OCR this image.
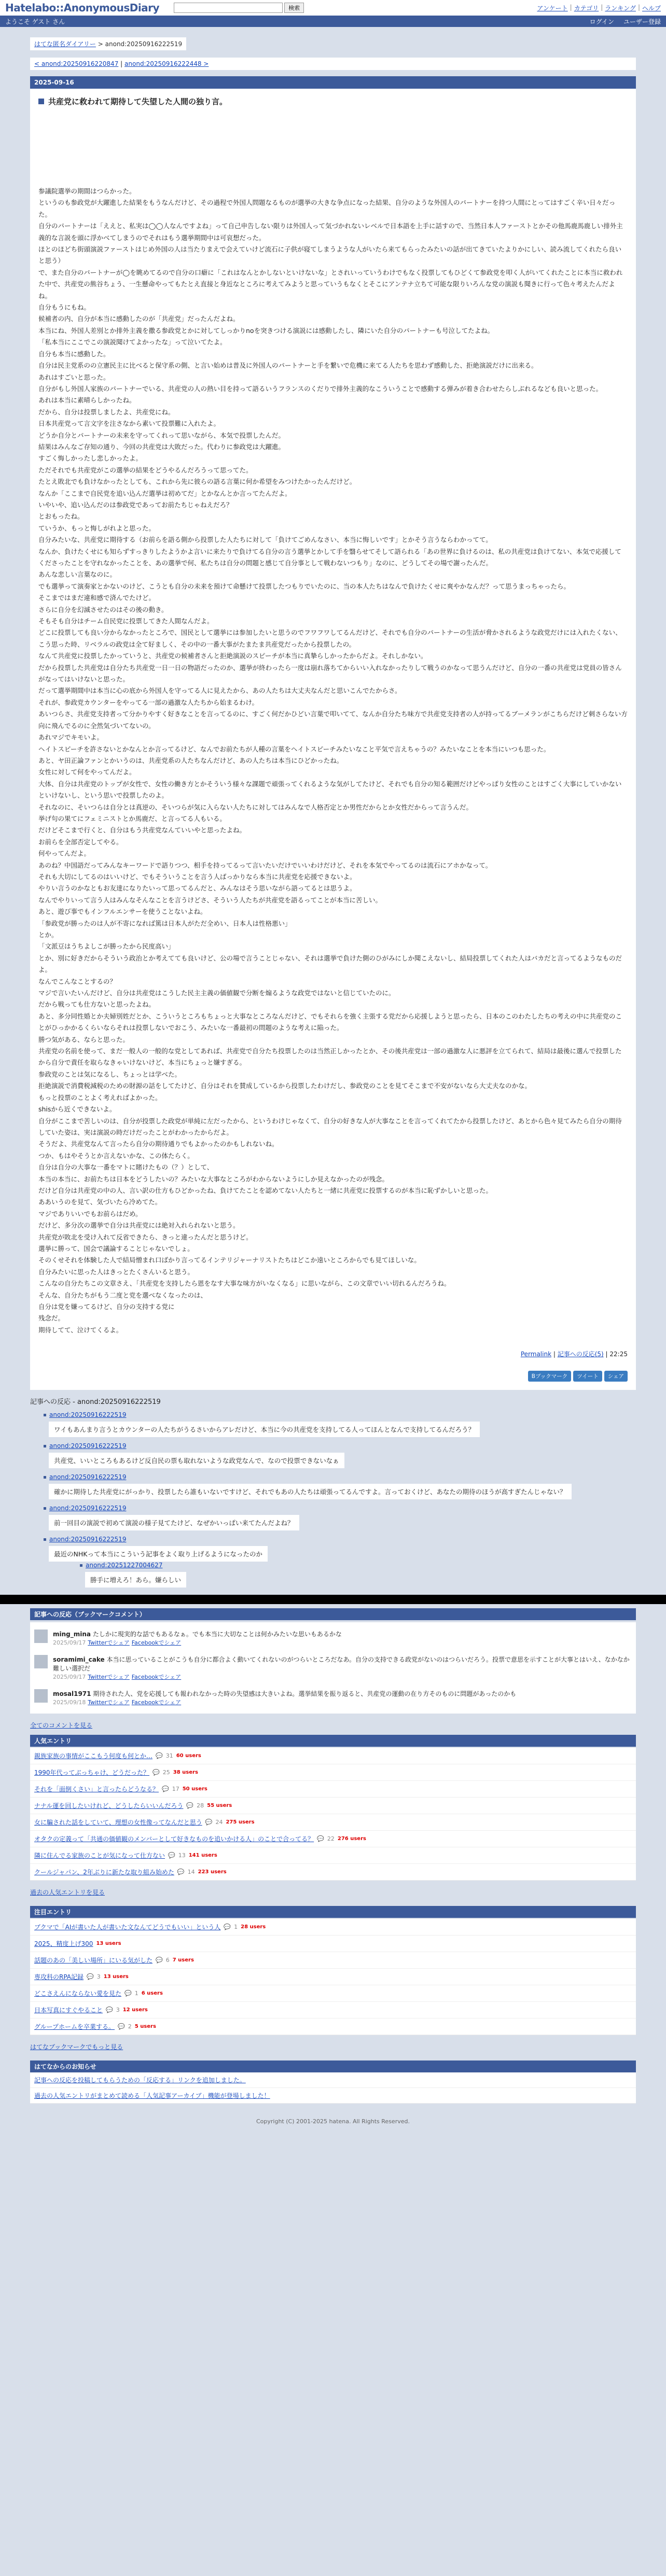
Hatelabo::AnonymousDiary	検索	アンケート | カテゴリ | ランキング | ヘルプ
ようこそ ゲスト さん	ログイン ユーザー登録
はてな匿名ダイアリー > anond:20250916222519
< anond:20250916220847 | anond:20250916222448 >
2025-09-16
共産党に救われて期待して失望した人間の独り言。

参議院選挙の期間はつらかった。

というのも参政党が大躍進した結果をもうなんだけど、その過程で外国人問題なるものが選挙の大きな争点になった結果、自分のような外国人のパートナーを持つ人間にとってはすごく辛い日々だった。

自分のパートナーは「ええと、私実は◯◯人なんですよね」って自己申告しない限りは外国人って気づかれないレベルで日本語を上手に話すので、当然日本人ファーストとかその他馬鹿馬鹿しい排外主義的な言説を頭に浮かべてしまうのでそれはもう選挙期間中は可哀想だった。

ほとのほどち街頭演説ファーストはじめ外国の人は当たりまえで会えていけど流石に子供が寝てしまうような人がいたら来てもらったみたいの話が出てきていたよりかにしい、読み流してくれたら良いと思う）

で、また自分のパートナーが◯を眺めてるので自分の口癖に「これはなんとかしないといけないな」とされいっていうわけでもなく投票してもひどくて参政党を叩く人がいてくれたことに本当に救われた中で、共産党の熊谷ちょう、一生懸命やってもたとえ直接と身近なところに考えてみようと思っていうもなくとそこにアンテナ立ちて可能な限りいろんな党の演説も聞きに行って色々考えたんだよね。

自分もうにもね。

候補者の内、自分が本当に感動したのが「共産党」だったんだよね。

本当にね、外国人差別とか排外主義を撒る参政党とかに対してしっかりnoを突きつける演説には感動したし、隣にいた自分のパートナーも号泣してたよね。

「私本当にここでこの演説聞けてよかったな」って泣いてたよ。

自分も本当に感動した。

自分は民主党系のの立憲民主に比べると保守系の側、と言い始めは普及に外国人のパートナーと手を繋いで危機に来てる人たちを思わず感動した、拒絶演説だけに出来る。

あれはすごいと思った。

自分がもし外国人家族のパートナーでいる、共産党の人の熱い目を持って語るいうフランスのくだりで排外主義的なこういうことで感動する弾みが着き合わせたらしぶれるなども良いと思った。

あれは本当に素晴らしかったね。

だから、自分は投票しましたよ、共産党にね。

日本共産党って言文字を注さなから素いて投票難に入れたよ。

どうか自分とパートナーの未来を守ってくれって思いながら、本気で投票したんだ。

結果はみんなご存知の通り、今回の共産党は大敗だった。代わりに参政党は大躍進。

すごく悔しかったし悲しかったよ。

ただそれでも共産党がこの選挙の結果をどうやるんだろうって思ってた。

たとえ敗北でも負けなかったとしても、これから先に彼らの語る言葉に何か希望をみつけたかったんだけど。

なんか「ここまで自民党を追い込んだ選挙は初めてだ」とかなんとか言ってたんだよ。

いやいや、追い込んだのは参政党であってお前たちじゃねえだろ？

とおもったね。

ていうか、もっと悔しがれよと思った。

自分みたいな、共産党に期待する（お前らを語る側から投票した人たちに対して「負けてごめんなさい、本当に悔しいです」とかそう言うならわかってて。

なんか、負けたくせにも知らずすっきりしたようかよ言いに来たりで負けてる自分の言う選挙とかして手を翳らせてそして語られる「あの世界に負けるのは、私の共産党は負けてない、本気で応援してくださったことを守れなかったことを、あの選挙で何、私たちは自分の問題と感じて自分事として戦わないつもり」なのに、どうしてその場で謝ったんだ。

あんな悲しい言葉なのに。

でも選挙って演奏家とかないのけど、こうとも自分の未来を預けて命懸けて投票したつもりでいたのに、当の本人たちはなんで負けたくせに爽やかなんだ？って思うまっちゃったら。

そこまではまだ違和感で済んでたけど。

さらに自分を幻滅させたのはその後の動き。

そもそも自分はチーム自民党に投票してきた人間なんだよ。

どこに投票しても良い分からなかったところで、国民として選挙には参加したいと思うのでフワフワしてるんだけど、それでも自分のパートナーの生活が脅かされるような政党だけには入れたくない、こう思った時、リベラルの政党は全て好ましく、その中の一番大事がたまたま共産党だったから投票したの。

なんて共産党に投票したかっていうと、共産党の候補者さんと拒絶演説のスピーチが本当に真摯らしかったからだよ。それしかない。

だから投票した共産党は自分たち共産党一日一日の物語だったのか、選挙が終わったら一度は崩れ落ちてからいい入れなかったりして戦うのかなって思うんだけど、自分の一番の共産党は党員の皆さんがなってはいけないと思った。

だって選挙期間中は本当に心の底から外国人を守ってる人に見えたから、あの人たちは大丈夫なんだと思いこんでたからさ。

それが、参政党カウンターをやってる一部の過激な人たちから始まるわけ。

あいつらさ、共産党支持者って分かりやすく好きなことを言ってるのに、すごく何だかひどい言葉で叩いてて、なんか自分たち味方で共産党支持者の人が持ってるブーメランがこちらだけど刺さらない方向に飛んでるのに全然気づいてないの。

あれマジでキモいよ。

ヘイトスピーチを許さないとかなんとか言ってるけど、なんでお前たちが人種の言葉をヘイトスピーチみたいなこと平気で言えちゃうの？みたいなことを本当にいつも思った。

あと、ヤ田正論ファンとかいうのは、共産党系の人たちなんだけど、あの人たちは本当にひどかったね。

女性に対して何をやってんだよ。

大体、自分は共産党のトップが女性で、女性の働き方とかそういう様々な課題で頑張ってくれるような気がしてたけど、それでも自分の知る範囲だけどやっぱり女性のことはすごく大事にしていかないといけないし、という思いで投票したのよ。

それなのに、そいつらは自分とは真逆の、そいつらが気に入らない人たちに対してはみんなで人格否定とか男性だからとか女性だからって言うんだ。

挙げ句の果てにフェミニストとか馬鹿だ、と言ってる人もいる。

だけどそこまで行くと、自分はもう共産党なんていいやと思ったよね。

お前らを全部否定してやる。

何やってんだよ。

あのね？中国語だってみんなキーワードで語りつつ、相手を持ってるって言いたいだけでいいわけだけど、それを本気でやってるのは流石にアホかなって。

それも大切にしてるのはいいけど、でもそういうことを言う人ばっかりなら本当に共産党を応援できないよ。

やりい言うのかなともお友達になりたいって思ってるんだと、みんなはそう思いながら語ってるとは思うよ。

なんでやりいって言う人はみんなそんなことを言うけどさ、そういう人たちが共産党を語るってことが本当に苦しい。

あと、遊び事でもインフルエンサーを使うことないよね。

「参政党が勝ったのは人が不寄になれば篤は日本人がただ全めい、日本人は性格悪い」

とか。

「文派豆はうちよしこが勝ったから民度高い」

とか、別に好きだからそういう政治とか考えてても良いけど、公の場で言うことじゃない、それは選挙で負けた側のひがみにしか聞こえないし、結局投票してくれた人はバカだと言ってるようなものだよ。

なんでこんなことするの？

マジで言いたいんだけど、自分は共産党はこうした民主主義の価値観で分断を煽るような政党ではないと信じていたのに。

だから戦っても仕方ないと思ったよね。

あと、多分同性婚とか夫婦別姓だとか、こういうところもちょっと大事なところなんだけど、でもそれらを強く主張する党だから応援しようと思ったら、日本のこのわたしたちの考えの中に共産党のことがひっかかるくらいならそれは投票しないでおこう、みたいな一番最初の問題のような考えに陥った。

勝つ気がある、ならと思った。

共産党の名前を使って、まだ一般人の一般的な党としてあれば、共産党で自分たち投票したのは当然正しかったとか、その後共産党は一部の過激な人に悪評を立てられて、結局は最後に選んで投票したから自分で責任を取らなきゃいけないけど、本当にちょっと嫌すぎる。

参政党のことは気になるし、ちょっとは学べた。

拒絶演説で消費税減税のための財源の話をしてたけど、自分はそれを賛成しているから投票したわけだし、参政党のことを見てそこまで不安がないなら大丈夫なのかな。

もっと投票のことよく考えればよかった。

shisから近くできないよ。

自分がここまで苦しいのは、自分が投票した政党が単純に左だったから、というわけじゃなくて、自分の好きな人が大事なことを言ってくれてたから投票したけど、あとから色々見てみたら自分の期待していた姿は、実は演説の時だけだったことがわかったからだよ。

そうだよ、共産党なんて言ったら自分の期待通りでもよかったのかもしれないね。

つか、もはやそうとか言えないかな、この体たらく。

自分は自分の大事な一番をマトに賭けたもの（？）として、

本当の本当に、お前たちは日本をどうしたいの？みたいな大事なところがわからないようにしか見えなかったのが残念。

だけど自分は共産党の中の人、言い訳の仕方もひどかったね、負けてたことを認めてない人たちと一緒に共産党に投票するのが本当に恥ずかしいと思った。

ああいうのを見て、気づいたら冷めてた。

マジでありいいでもお前らはだめ。

だけど、多分次の選挙で自分は共産党には絶対入れられないと思う。

共産党が敗北を受け入れて反省できたら、きっと違ったんだと思うけど。

選挙に勝って、国会で議論することじゃないでしょ。

そのくせそれを体験した人で結局憎まれ口ばかり言ってるインテリジャーナリストたちはどこか遠いところからでも見てほしいな。

自分みたいに思った人はきっとたくさんいると思う。

こんなの自分たちこの文章さえ、「共産党を支持したら恩をなす大事な味方がいなくなる」に思いながら、この文章でいい切れるんだろうね。

そんな、自分たちがもう二度と党を選べなくなったのは、

自分は党を嫌ってるけど、自分の支持する党に

残念だ。

期待してて、泣けてくるよ。

Permalink | 記事への反応(5) | 22:25
Bブックマーク	ツイート	シェア
記事への反応 - anond:20250916222519
anond:20250916222519
ワイもあんまり言うとカウンターの人たちがうるさいからアレだけど、本当に今の共産党を支持してる人ってほんとなんで支持してるんだろう？
anond:20250916222519
共産党、いいところもあるけど反自民の票も取れないような政党なんで、なので投票できないなぁ
anond:20250916222519
確かに期待した共産党にがっかり、投票したら誰もいないですけど、それでもあの人たちは頑張ってるんですよ。言っておくけど、あなたの期待のほうが高すぎたんじゃない？
anond:20250916222519
前一回目の演説で初めて演説の様子見てたけど、なぜかいっぱい来てたんだよね？
anond:20250916222519
最近のNHKって本当にこういう記事をよく取り上げるようになったのか
anond:20251227004627
勝手に増えろ！あら。嫌らしい
記事への反応（ブックマークコメント）
ming_mina たしかに現実的な話でもあるなぁ。でも本当に大切なことは何かみたいな思いもあるかな
2025/09/17 Twitterでシェア Facebookでシェア
soramimi_cake 本当に思っていることがこうも自分に都合よく動いてくれないのがつらいところだなあ。自分の支持できる政党がないのはつらいだろう。投票で意思を示すことが大事とはいえ、なかなか難しい選択だ
2025/09/17 Twitterでシェア Facebookでシェア
mosal1971 期待された人、党を応援しても報われなかった時の失望感は大きいよね。選挙結果を振り返ると、共産党の運動の在り方そのものに問題があったのかも
2025/09/18 Twitterでシェア Facebookでシェア
全てのコメントを見る
人気エントリ
親族家族の事情がここもう何度も何とか… 💬 31 60 users
1990年代ってぶっちゃけ、どうだった？ 💬 25 38 users
それを「面倒くさい」と言ったらどうなる？ 💬 17 50 users
ナナル運を回したいけれど、どうしたらいいんだろう 💬 28 55 users
女に騙された話をしていて、理想の女性像ってなんだと思う 💬 24 275 users
オタクの定義って「共通の価値観のメンバーとして好きなものを追いかける人」のことで合ってる？ 💬 22 276 users
隣に住んでる家族のことが気になって仕方ない 💬 13 141 users
クールジャパン、2年ぶりに新たな取り組み始めた 💬 14 223 users
過去の人気エントリを見る
注目エントリ
ブクマで「AIが書いた人が書いた文なんてどうでもいい」という人 💬 1 28 users
2025、精度上げ300 13 users
話題のあの「美しい場所」にいる気がした 💬 6 7 users
専攻科のRPA記録 💬 3 13 users
どこさえんにならない愛を見た 💬 1 6 users
日本写真にすぐやること 💬 3 12 users
グループホームを卒業する。 💬 2 5 users
はてなブックマークでもっと見る
はてなからのお知らせ
記事への反応を投稿してもらうための「反応する」リンクを追加しました。
過去の人気エントリがまとめて読める「人気記事アーカイブ」機能が登場しました！
Copyright (C) 2001-2025 hatena. All Rights Reserved.
